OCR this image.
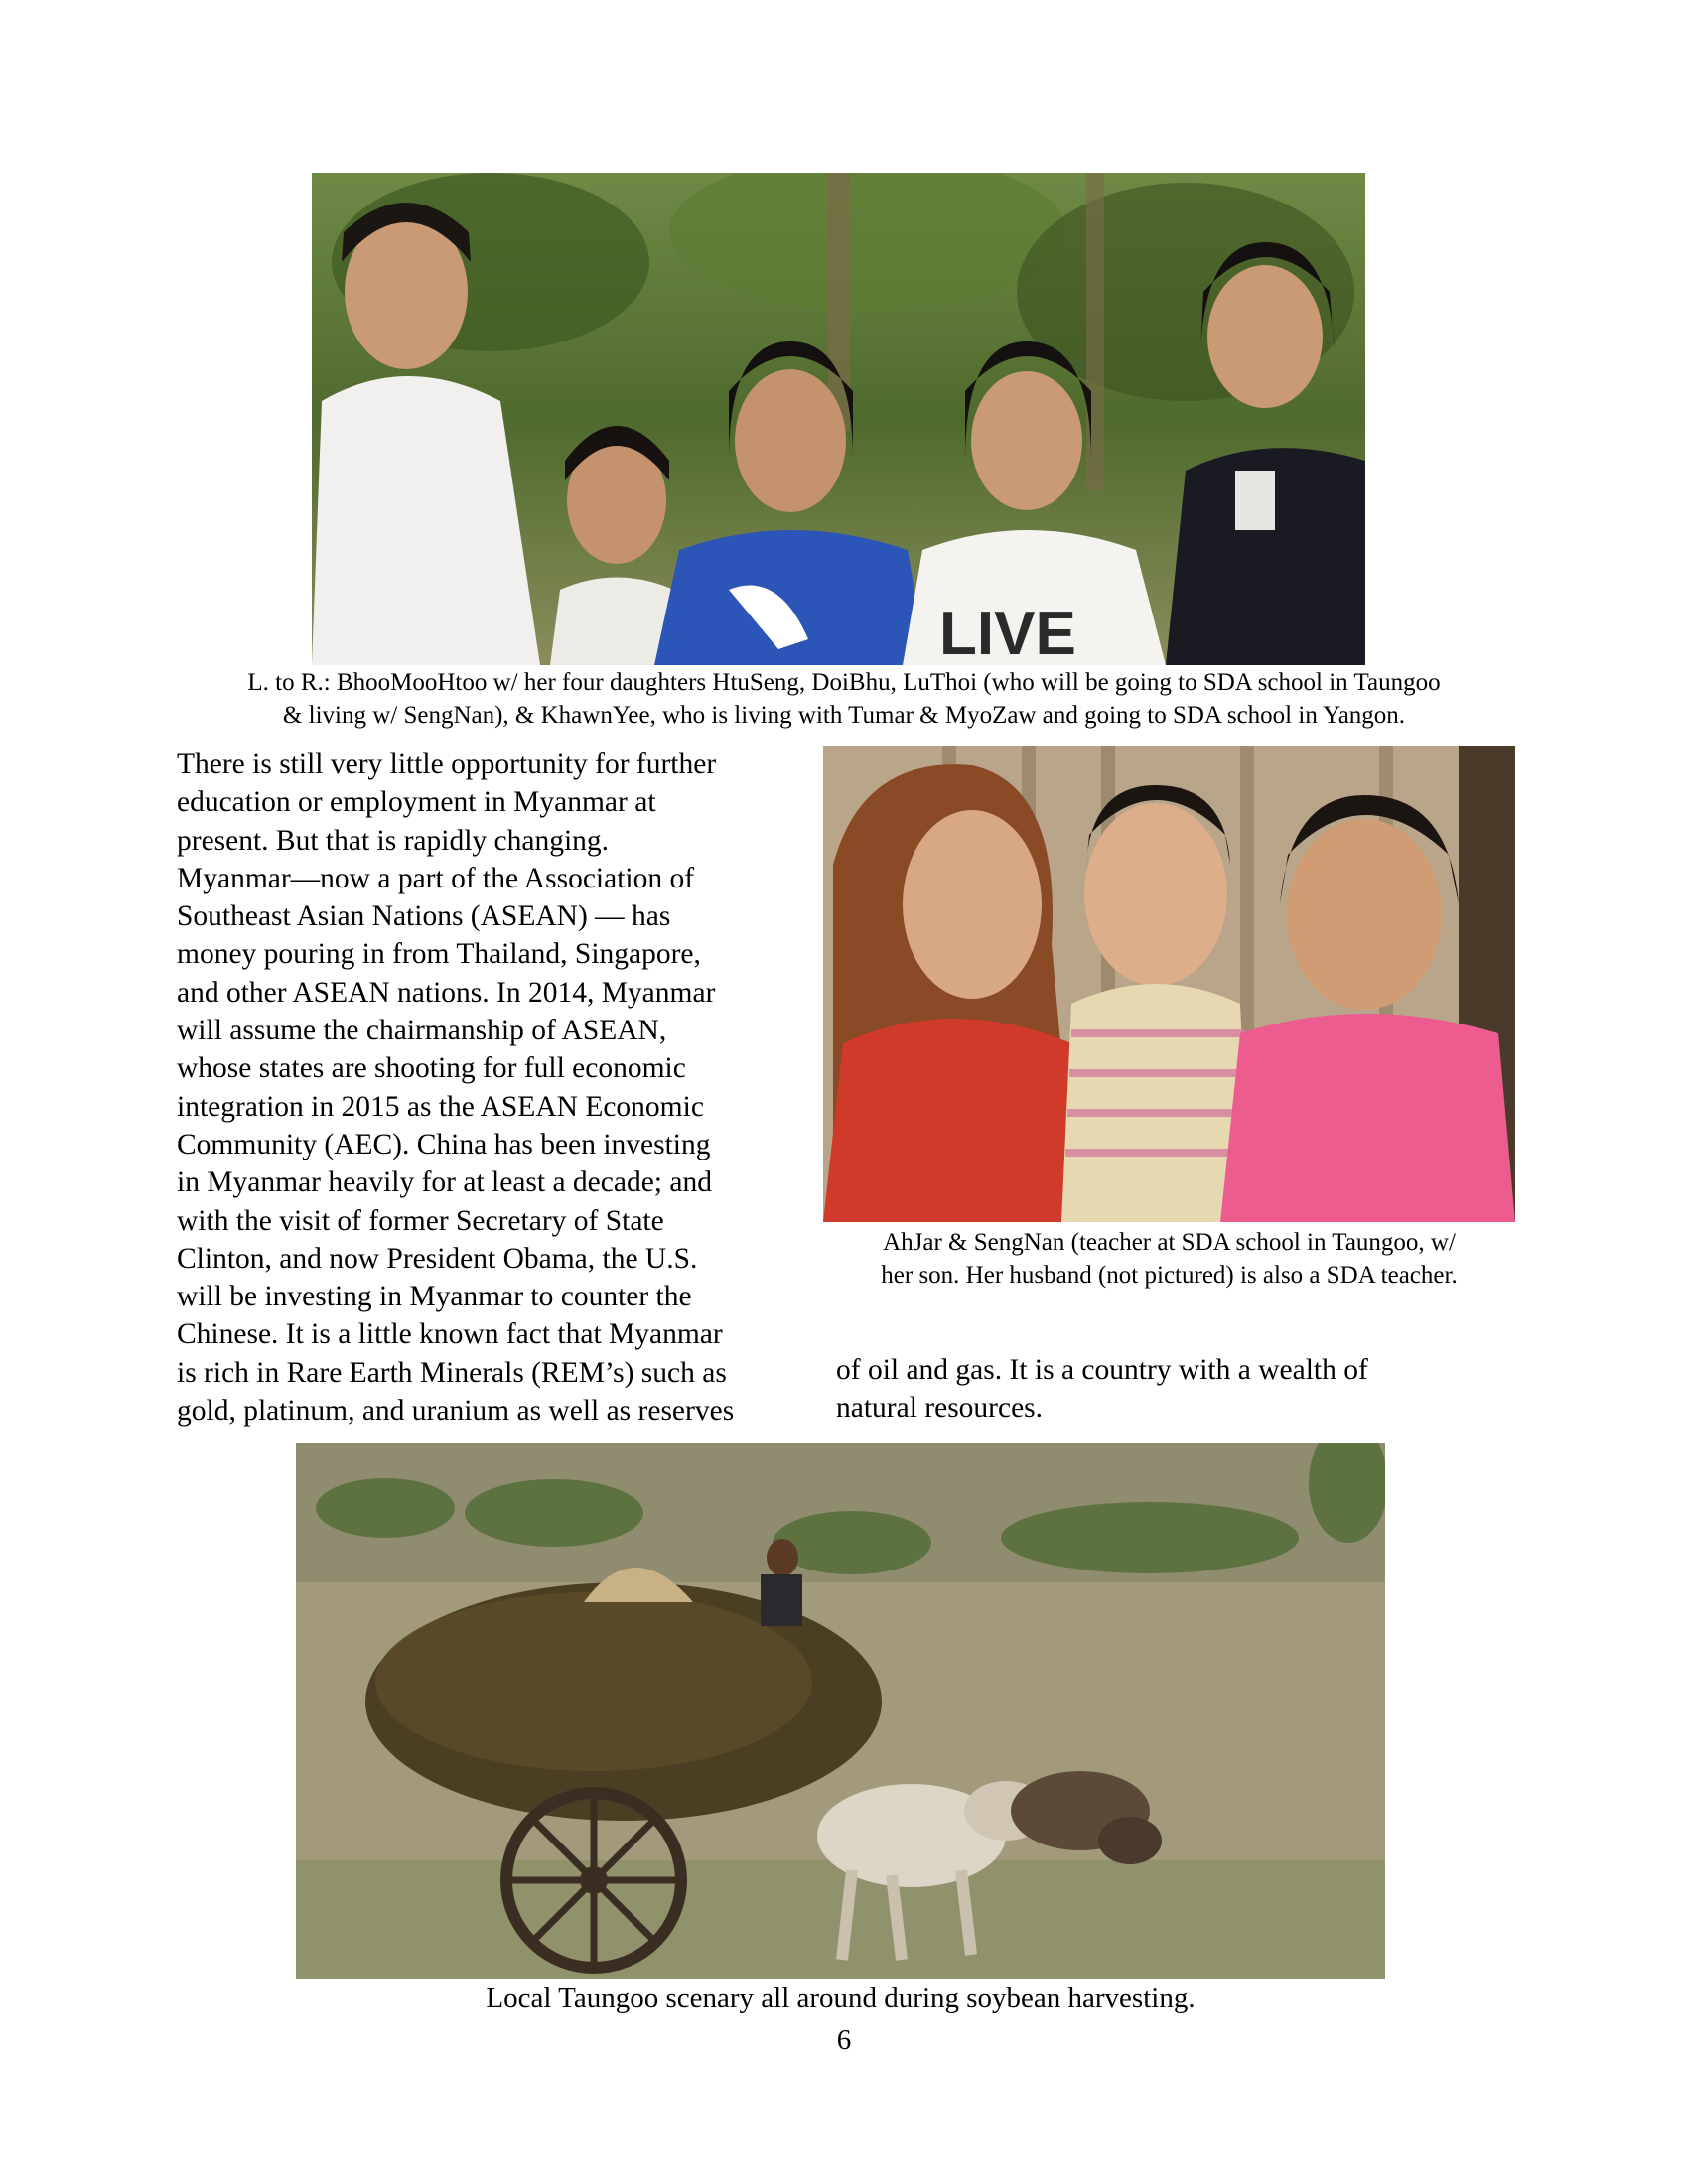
LIVE
L. to R.: BhooMooHtoo w/ her four daughters HtuSeng, DoiBhu, LuThoi (who will be going to SDA school in Taungoo
& living w/ SengNan), & KhawnYee, who is living with Tumar & MyoZaw and going to SDA school in Yangon.
There is still very little opportunity for further
education or employment in Myanmar at
present. But that is rapidly changing.
Myanmar—now a part of the Association of
Southeast Asian Nations (ASEAN) — has
money pouring in from Thailand, Singapore,
and other ASEAN nations. In 2014, Myanmar
will assume the chairmanship of ASEAN,
whose states are shooting for full economic
integration in 2015 as the ASEAN Economic
Community (AEC). China has been investing
in Myanmar heavily for at least a decade; and
with the visit of former Secretary of State
Clinton, and now President Obama, the U.S.
will be investing in Myanmar to counter the
Chinese. It is a little known fact that Myanmar
is rich in Rare Earth Minerals (REM’s) such as
gold, platinum, and uranium as well as reserves
AhJar & SengNan (teacher at SDA school in Taungoo, w/
her son. Her husband (not pictured) is also a SDA teacher.
of oil and gas. It is a country with a wealth of
natural resources.
Local Taungoo scenary all around during soybean harvesting.
6
